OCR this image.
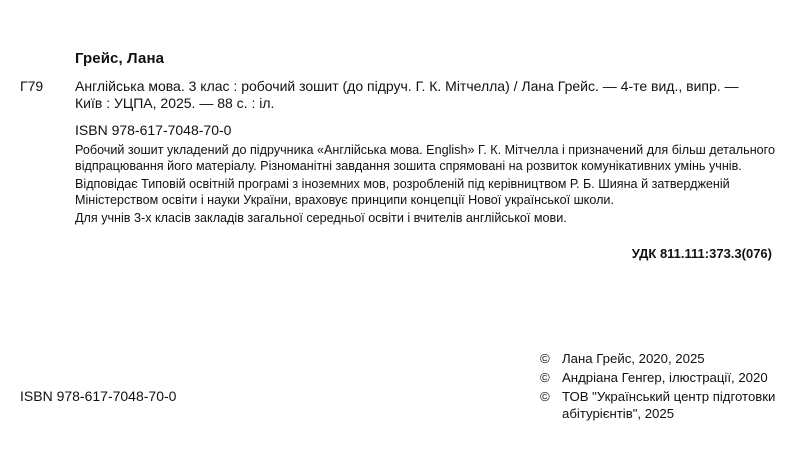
Грейс, Лана
Г79 Англійська мова. 3 клас : робочий зошит (до підруч. Г. К. Мітчелла) / Лана Грейс. — 4-те вид., випр. —
Київ : УЦПА, 2025. — 88 с. : іл.
ISBN 978-617-7048-70-0

Робочий зошит укладений до підручника «Англійська мова. English» Г. К. Мітчелла і призначений для більш детального відпрацювання його матеріалу. Різноманітні завдання зошита спрямовані на розвиток комунікативних умінь учнів.

Відповідає Типовій освітній програмі з іноземних мов, розробленій під керівництвом Р. Б. Шияна й затвердженій Міністерством освіти і науки України, враховує принципи концепції Нової української школи.

Для учнів 3-х класів закладів загальної середньої освіти і вчителів англійської мови.

УДК 811.111:373.3(076)
ISBN 978-617-7048-70-0
© Лана Грейс, 2020, 2025
© Андріана Генгер, ілюстрації, 2020
© ТОВ "Український центр підготовки абітурієнтів", 2025
